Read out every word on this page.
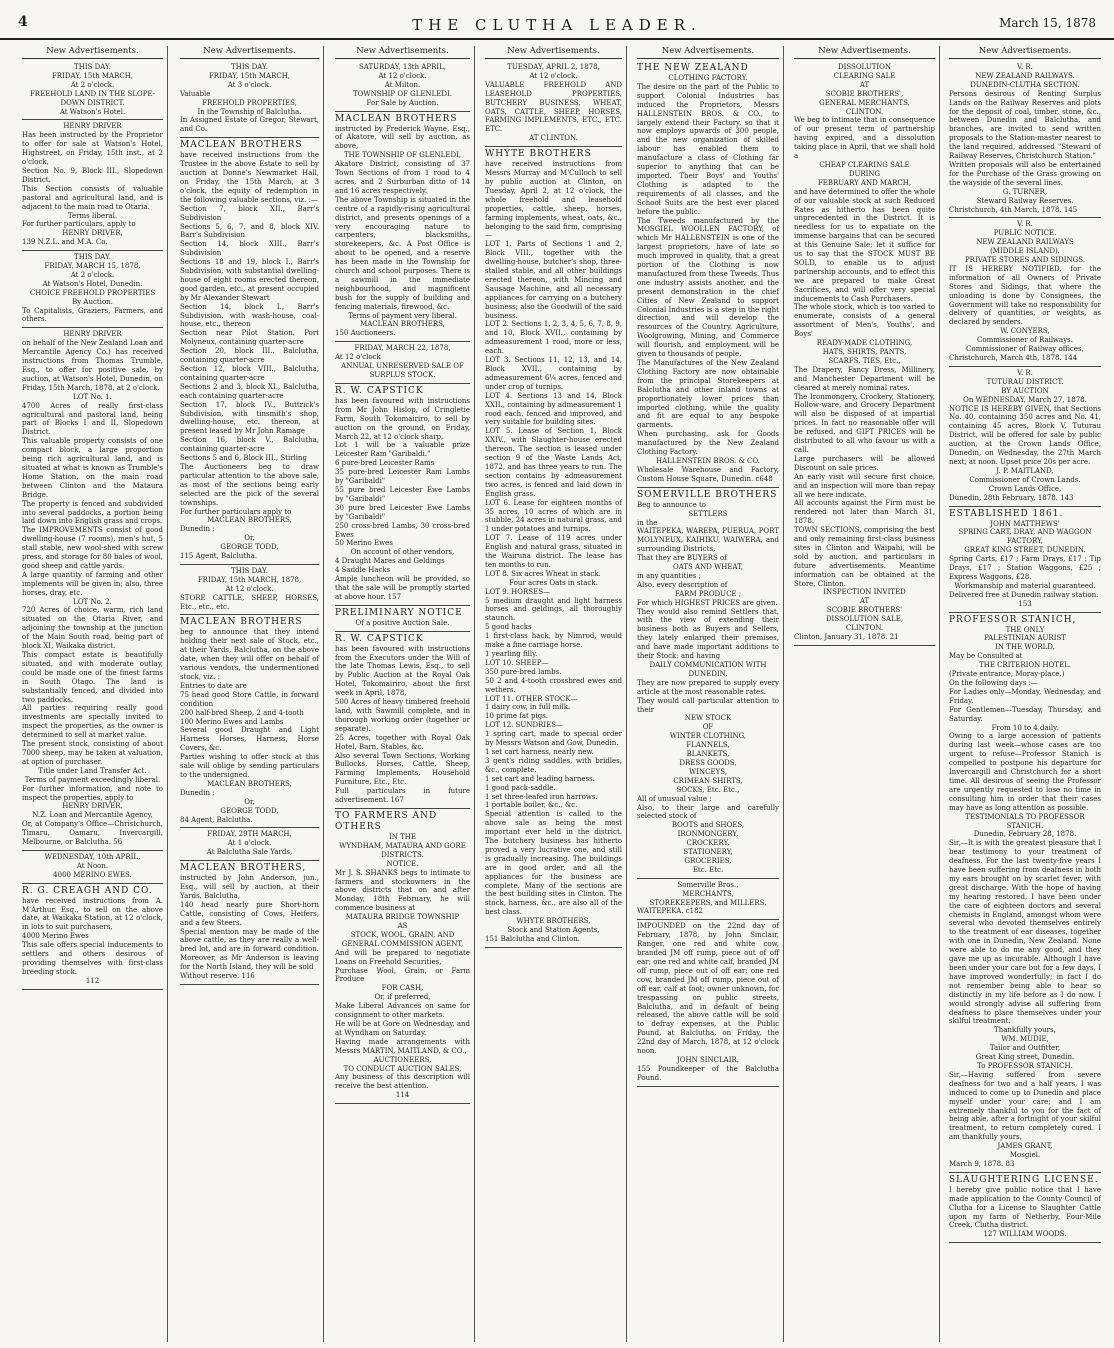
4	THE CLUTHA LEADER.	March 15, 1878
New Advertisements.

THIS DAY.

FRIDAY, 15th MARCH,

At 2 o'clock.

FREEHOLD LAND IN THE SLOPE-DOWN DISTRICT.

At Watson's Hotel.

HENRY DRIVER

Has been instructed by the Proprietor to offer for sale at Watson's Hotel, Highstreet, on Friday, 15th inst., at 2 o'clock,

Section No. 9, Block III., Slopedown District.

This Section consists of valuable pastoral and agricultural land, and is adjacent to the main road to Otaria.

Terms liberal.

For further particulars, apply to

HENRY DRIVER,

139 N.Z.L. and M.A. Co.

THIS DAY.

FRIDAY, MARCH 15, 1878,

At 2 o'clock.

At Watson's Hotel, Dunedin.

CHOICE FREEHOLD PROPERTIES

By Auction.

To Capitalists, Graziers, Farmers, and others.

HENRY DRIVER

on behalf of the New Zealand Loan and Mercantile Agency Co.) has received instructions from Thomas Trumble, Esq., to offer for positive sale, by auction, at Watson's Hotel, Dunedin, on Friday, 15th March, 1878, at 2 o'clock.

LOT No. 1.

4700 Acres of really first-class agricultural and pastoral land, being part of Blocks I and II, Slopedown District.

This valuable property consists of one compact block, a large proportion being rich agricultural land, and is situated at what is known as Trumble's Home Station, on the main road between Clinton and the Mataura Bridge.

The property is fenced and subdivided into several paddocks, a portion being laid down into English grass and crops.

The IMPROVEMENTS consist of good dwelling-house (7 rooms), men's hut, 5 stall stable, new wool-shed with screw press, and storage for 80 bales of wool, good sheep and cattle yards.

A large quantity of farming and other implements will be given in; also, three horses, dray, etc.

LOT No. 2.

720 Acres of choice, warm, rich land situated on the Otaria River, and adjoining the township at the junction of the Main South road, being part of block XI, Waikaka district.

This compact estate is beautifully situated, and with moderate outlay, could be made one of the finest farms in South Otago. The land is substantially fenced, and divided into two paddocks.

All parties requiring really good investments are specially invited to inspect the properties, as the owner is determined to sell at market value.

The present stock, consisting of about 7000 sheep, may be taken at valuation, at option of purchaser.

Title under Land Transfer Act.

Terms of payment exceedingly liberal.

For further information, and note to inspect the properties, apply to

HENRY DRIVER,

N.Z. Loan and Mercantile Agency,

Or, at Company's Office—Christchurch, Timaru, Oamaru, Invercargill, Melbourne, or Balclutha. 56

WEDNESDAY, 10th APRIL,

At Noon.

4000 MERINO EWES.

R. G. CREAGH AND CO.

have received instructions from A. M'Arthur, Esq., to sell on the above date, at Waikaka Station, at 12 o'clock, in lots to suit purchasers,

4000 Merino Ewes

This sale offers special inducements to settlers and others desirous of providing themselves with first-class breeding stock.

112

New Advertisements.

THIS DAY.

FRIDAY, 15th MARCH,

At 3 o'clock.

Valuable

FREEHOLD PROPERTIES,

In the Township of Balclutha.

In Assigned Estate of Gregor, Stewart, and Co.

MACLEAN BROTHERS

have received instructions from the Trustee in the above Estate to sell by auction at Donne's Newmarket Hall, on Friday, the 15th March, at 3 o'clock, the equity of redemption in the following valuable sections, viz. :—

Section 7, block XII., Barr's Subdivision

Sections 5, 6, 7, and 8, block XIV. Barr's Subdivision

Section 14, block XIII., Barr's Subdivision

Sections 18 and 19, block I., Barr's Subdivision, with substantial dwelling-house of eight rooms erected thereon, good garden, etc., at present occupied by Mr Alexander Stewart

Section 14, block I., Barr's Subdivision, with wash-house, coal-house, etc., thereon

Section near Pilot Station, Port Molyneux, containing quarter-acre

Section 20, block III., Balclutha, containing quarter-acre

Section 12, block VIII., Balclutha, containing quarter-acre

Sections 2 and 3, block XI., Balclutha, each containing quarter-acre

Section 17, block IV., Buttrick's Subdivision, with tinsmith's shop, dwelling-house, etc. thereon, at present leased by Mr John Ramage

Section 16, block V., Balclutha, containing quarter-acre

Sections 5 and 6, Block III., Stirling

The Auctioneers beg to draw particular attention to the above sale, as most of the sections being early selected are the pick of the several townships.

For further particulars apply to

MACLEAN BROTHERS,

Dunedin ;

Or,

GEORGE TODD,

115 Agent, Balclutha.

THIS DAY.

FRIDAY, 15th MARCH, 1878,

At 12 o'clock.

STORE CATTLE, SHEEP, HORSES, Etc., etc., etc.

MACLEAN BROTHERS

beg to announce that they intend holding their next sale of Stock, etc., at their Yards, Balclutha, on the above date, when they will offer on behalf of various vendors, the undermentioned stock, viz. :

Entries to date are

75 head good Store Cattle, in forward condition

200 half-bred Sheep, 2 and 4-tooth

100 Merino Ewes and Lambs

Several good Draught and Light Harness Horses, Harness, Horse Covers, &c.

Parties wishing to offer stock at this sale will oblige by sending particulars to the undersigned.

MACLEAN BROTHERS,

Dunedin ;

Or,

GEORGE TODD,

84 Agent, Balclutha.

FRIDAY, 29TH MARCH,

At 1 o'clock.

At Balclutha Sale Yards,

MACLEAN BROTHERS,

instructed by John Anderson, jun., Esq., will sell by auction, at their Yards, Balclutha,

140 head nearly pure Short-horn Cattle, consisting of Cows, Heifers, and a few Steers.

Special mention may be made of the above cattle, as they are really a well-bred lot, and are in forward condition. Moreover, as Mr Anderson is leaving for the North Island, they will be sold

Without reserve. 116

New Advertisements.

SATURDAY, 13th APRIL,

At 12 o'clock.

At Milton.

TOWNSHIP OF GLENLEDI.

For Sale by Auction.

MACLEAN BROTHERS

instructed by Frederick Wayne, Esq., of Akatore, will sell by auction, as above,

THE TOWNSHIP OF GLENLEDI,

Akatore District, consisting of 37 Town Sections of from 1 rood to 4 acres, and 2 Surburban ditto of 14 and 16 acres respectively.

The above Township is situated in the centre of a rapidly-rising agricultural district, and presents openings of a very encouraging nature to carpenters, blacksmiths, storekeepers, &c. A Post Office is about to be opened, and a reserve has been made in the Township for church and school purposes. There is a sawmill in the immediate neighbourhood, and magnificent bush for the supply of building and fencing materials, firewood, &c.

Terms of payment very liberal.

MACLEAN BROTHERS,

150 Auctioneers.

FRIDAY, MARCH 22, 1878,

At 12 o'clock

ANNUAL UNRESERVED SALE OF SURPLUS STOCK.

R. W. CAPSTICK

has been favoured with instructions from Mr John Hislop, of Cringletie Farm, South Tokomairiro, to sell by auction on the ground, on Friday, March 22, at 12 o'clock sharp,

Lot 1 will be a valuable prize Leicester Ram "Garibaldi."

6 pure-bred Leicester Rams

35 pure-bred Leicester Ram Lambs by "Garibaldi"

55 pure bred Leicester Ewe Lambs by "Garibaldi"

30 pure bred Leicester Ewe Lambs by "Garibaldi"

250 cross-bred Lambs, 30 cross-bred Ewes

50 Merino Ewes

On account of other vendors,

4 Draught Mares and Geldings

4 Saddle Hacks

Ample luncheon will be provided, so that the sale will be promptly started at above hour. 157

PRELIMINARY NOTICE

Of a positive Auction Sale.

R. W. CAPSTICK

has been favoured with instructions from the Executors under the Will of the late Thomas Lewis, Esq., to sell by Public Auction at the Royal Oak Hotel, Tokomairiro, about the first week in April, 1878,

500 Acres of heavy timbered freehold land, with Sawmill complete, and in thorough working order (together or separate).

25 Acres, together with Royal Oak Hotel, Barn, Stables, &c.

Also several Town Sections, Working Bullocks, Horses, Cattle, Sheep, Farming Implements, Household Furniture, Etc., Etc.

Full particulars in future advertisement. 167

TO FARMERS AND OTHERS

IN THE

WYNDHAM, MATAURA AND GORE DISTRICTS.

NOTICE.

Mr J. S. SHANKS begs to intimate to farmers and stockowners in the above districts that on and after Monday, 18th February, he will commence business at

MATAURA BRIDGE TOWNSHIP

AS

STOCK, WOOL, GRAIN, AND

GENERAL COMMISSION AGENT,

And will be prepared to negotiate Loans on Freehold Securities,

Purchase Wool, Grain, or Farm Produce

FOR CASH,

Or, if preferred,

Make Liberal Advances on same for consignment to other markets.

He will be at Gore on Wednesday, and at Wyndham on Saturday.

Having made arrangements with Messrs MARTIN, MAITLAND, & CO.,

AUCTIONEERS,

TO CONDUCT AUCTION SALES,

Any business of this description will receive the best attention.

114

New Advertisements.

TUESDAY, APRIL 2, 1878,

At 12 o'clock.

VALUABLE FREEHOLD AND LEASEHOLD PROPERTIES, BUTCHERY BUSINESS, WHEAT, OATS, CATTLE, SHEEP, HORSES, FARMING IMPLEMENTS, ETC., ETC. ETC.

AT CLINTON.

WHYTE BROTHERS

have received instructions from Messrs Murray and M'Culloch to sell by public auction at Clinton, on Tuesday, April 2, at 12 o'clock, the whole freehold and leasehold properties, cattle, sheep, horses, farming implements, wheat, oats, &c., belonging to the said firm, comprising—

LOT 1. Parts of Sections 1 and 2, Block VIII., together with the dwelling-house, butcher's shop, three-stalled stable, and all other buildings erected thereon, with Mincing and Sausage Machine, and all necessary appliances for carrying on a butchery business; also the Goodwill of the said business.

LOT 2. Sections 1, 2, 3, 4, 5, 6, 7, 8, 9, and 10, Block XVII., containing by admeasurement 1 rood, more or less, each.

LOT 3. Sections 11, 12, 13, and 14, Block XVII., containing by admeasurement 6¼ acres, fenced and under crop of turnips.

LOT 4. Sections 13 and 14, Block XXII., containing by admeasurement 1 rood each, fenced and improved, and very suitable for building sites.

LOT 5. Lease of Section 1, Block XXIV., with Slaughter-house erected thereon. The section is leased under section 9 of the Waste Lands Act, 1872, and has three years to run. The section contains by admeasurement two acres, is fenced and laid down in English grass.

LOT 6. Lease for eighteen months of 35 acres, 10 acres of which are in stubble, 24 acres in natural grass, and 1 under potatoes and turnips.

LOT 7. Lease of 119 acres under English and natural grass, situated in the Wairuna district. The lease has ten months to run.

LOT 8. Six acres Wheat in stack.

Four acres Oats in stack.

LOT 9. HORSES—

5 medium draught and light harness horses and geldings, all thoroughly staunch.

5 good hacks

1 first-class hack, by Nimrod, would make a fine carriage horse.

1 yearling filly.

LOT 10. SHEEP—

350 pure-bred lambs.

50 2 and 4-tooth crossbred ewes and wethers.

LOT 11. OTHER STOCK—

1 dairy cow, in full milk.

10 prime fat pigs.

LOT 12. SUNDRIES—

1 spring cart, made to special order by Messrs Watson and Gow, Dunedin.

1 set cart harness, nearly new.

3 gent's riding saddles, with bridles, &c., complete.

1 set cart and leading harness.

1 good pack-saddle.

1 set three-leafed iron harrows.

1 portable boiler, &c., &c.

Special attention is called to the above sale as being the most important ever held in the district. The butchery business has hitherto proved a very lucrative one, and still is gradually increasing. The buildings are in good order, and all the appliances for the business are complete. Many of the sections are the best building sites in Clinton. The stock, harness, &c., are also all of the best class.

WHYTE BROTHERS,

Stock and Station Agents,

151 Balclutha and Clinton.

New Advertisements.

THE NEW ZEALAND

CLOTHING FACTORY.

The desire on the part of the Public to support Colonial Industries has induced the Proprietors, Messrs HALLENSTEIN BROS. & CO., to largely extend their Factory, so that it now employs upwards of 300 people, and the new organization of skilled labour has enabled them to manufacture a class of Clothing far superior to anything that can be imported. Their Boys' and Youths' Clothing is adapted to the requirements of all classes, and the School Suits are the best ever placed before the public.

The Tweeds manufactured by the MOSGIEL WOOLLEN FACTORY, of which Mr HALLENSTEIN is one of the largest proprietors, have of late so much improved in quality, that a great portion of the Clothing is now manufactured from these Tweeds. Thus one industry assists another, and the present demonstration in the chief Cities of New Zealand to support Colonial Industries is a step in the right direction, and will develop the resources of the Country. Agriculture, Woolgrowing, Mining, and Commerce will flourish, and employment will be given to thousands of people.

The Manufactures of the New Zealand Clothing Factory are now obtainable from the principal Storekeepers at Balclutha and other inland towns at proportionately lower prices than imported clothing, while the quality and fit are equal to any bespoke garments.

When purchasing, ask for Goods manufactured by the New Zealand Clothing Factory.

HALLENSTEIN BROS. & CO.

Wholesale Warehouse and Factory, Custom House Square, Dunedin. c648

SOMERVILLE BROTHERS

Beg to announce to

SETTLERS

in the

WAITEPEKA, WAREPA, PUERUA, PORT MOLYNEUX, KAIHIKU, WAIWERA, and surrounding Districts,

That they are BUYERS of

OATS AND WHEAT,

in any quantities ;

Also, every description of

FARM PRODUCE ;

For which HIGHEST PRICES are given.

They would also remind Settlers that, with the view of extending their business both as Buyers and Sellers, they lately enlarged their premises, and have made important additions to their Stock; and having

DAILY COMMUNICATION WITH DUNEDIN,

They are now prepared to supply every article at the most reasonable rates.

They would call particular attention to their

NEW STOCK

OF

WINTER CLOTHING,

FLANNELS,

BLANKETS,

DRESS GOODS,

WINCEYS,

CRIMEAN SHIRTS,

SOCKS, Etc. Etc.,

All of unusual value ;

Also, to their large and carefully selected stock of

BOOTS and SHOES,

IRONMONGERY,

CROCKERY,

STATIONERY,

GROCERIES,

Etc. Etc.

Somerville Bros.,

MERCHANTS,

STOREKEEPERS, and MILLERS,

WAITEPEKA. c182

IMPOUNDED on the 22nd day of February, 1878, by John Sinclair, Ranger, one red and white cow, branded JM off rump, piece out of off ear; one red and white calf, branded JM off rump, piece out of off ear; one red cow, branded JM off rump, piece out of off ear, calf at foot; owner unknown, for trespassing on public streets, Balclutha, and in default of being released, the above cattle will be sold to defray expenses, at the Public Pound, at Balclutha, on Friday, the 22nd day of March, 1878, at 12 o'clock noon.

JOHN SINCLAIR,

155 Poundkeeper of the Balclutha Pound.

New Advertisements.

DISSOLUTION

CLEARING SALE

AT

SCOBIE BROTHERS',

GENERAL MERCHANTS,

CLINTON.

We beg to intimate that in consequence of our present term of partnership having expired, and a dissolution taking place in April, that we shall hold a

CHEAP CLEARING SALE

DURING

FEBRUARY AND MARCH,

and have determined to offer the whole of our valuable stock at such Reduced Rates as hitherto has been quite unprecedented in the District. It is needless for us to expatiate on the immense bargains that can be secured at this Genuine Sale; let it suffice for us to say that the STOCK MUST BE SOLD, to enable us to adjust partnership accounts, and to effect this we are prepared to make Great Sacrifices, and will offer very special inducements to Cash Purchasers.

The whole stock, which is too varied to enumerate, consists of a general assortment of Men's, Youths', and Boys'

READY-MADE CLOTHING,

HATS, SHIRTS, PANTS,

SCARFS, TIES, Etc.,

The Drapery, Fancy Dress, Millinery, and Manchester Department will be cleared at merely nominal rates.

The Ironmongery, Crockery, Stationery, Hollow-ware, and Grocery Department will also be disposed of at impartial prices. In fact no reasonable offer will be refused, and GIFT PRICES will be distributed to all who favour us with a call.

Large purchasers will be allowed Discount on sale prices.

An early visit will secure first choice, and an inspection will more than repay all we here indicate.

All accounts against the Firm must be rendered not later than March 31, 1878.

TOWN SECTIONS, comprising the best and only remaining first-class business sites in Clinton and Waipahi, will be sold by auction, and particulars in future advertisements. Meantime information can be obtained at the Store, Clinton.

INSPECTION INVITED

AT

SCOBIE BROTHERS'

DISSOLUTION SALE,

CLINTON.

Clinton, January 31, 1878. 21

New Advertisements.

V. R.

NEW ZEALAND RAILWAYS.

DUNEDIN-CLUTHA SECTION.

Persons desirous of Renting Surplus Lands on the Railway Reserves and plots for the deposit of coal, timber, stone, &c., between Dunedin and Balclutha, and branches, are invited to send written proposals to the Station-master nearest to the land required, addressed "Steward of Railway Reserves, Christchurch Station."

Written proposals will also be entertained for the Purchase of the Grass growing on the wayside of the several lines.

G. TURNER,

Steward Railway Reserves.

Christchurch, 4th March, 1878. 145

V. R.

PUBLIC NOTICE.

NEW ZEALAND RAILWAYS

(MIDDLE ISLAND).

PRIVATE STORES AND SIDINGS.

IT IS HEREBY NOTIFIED, for the information of all Owners of Private Stores and Sidings, that where the unloading is done by Consignees, the Government will take no responsibility for delivery of quantities, or weights, as declared by senders.

W. CONYERS,

Commissioner of Railways.

Commissioner of Railway offices,

Christchurch, March 4th, 1878. 144

V. R.

TUTURAU DISTRICT.

BY AUCTION

On WEDNESDAY, March 27, 1878.

NOTICE IS HEREBY GIVEN, that Sections No. 40, containing 350 acres and No. 41, containing 45 acres, Block V, Tuturau District, will be offered for sale by public auction, at the Crown Lands Office, Dunedin, on Wednesday, the 27th March next, at noon. Upset price 20s per acre.

J. P. MAITLAND,

Commissioner of Crown Lands.

Crown Lands Office,

Dunedin, 28th February, 1878. 143

ESTABLISHED 1861.

JOHN MATTHEWS'

SPRING CART, DRAY, AND WAGGON FACTORY,

GREAT KING STREET, DUNEDIN.

Spring Carts, £17 ; Farm Drays, £17 ; Tip Drays, £17 ; Station Waggons, £25 ; Express Waggons, £28.

Workmanship and material guaranteed.

Delivered free at Dunedin railway station.

153

PROFESSOR STANICH,

THE ONLY

PALESTINIAN AURIST

IN THE WORLD,

May be Consulted at

THE CRITERION HOTEL.

(Private entrance, Moray-place.)

On the following days :—

For Ladies only—Monday, Wednesday, and Friday.

For Gentlemen—Tuesday, Thursday, and Saturday.

From 10 to 4 daily.

Owing to a large accession of patients during last week—whose cases are too urgent to refuse—Professor Stanich is compelled to postpone his departure for Invercargill and Christchurch for a short time. All desirous of seeing the Professor are urgently requested to lose no time in consulting him in order that their cases may have as long attention as possible.

TESTIMONIALS TO PROFESSOR STANICH.

Dunedin, February 28, 1878.

Sir,—It is with the greatest pleasure that I bear testimony to your treatment of deafness. For the last twenty-five years I have been suffering from deafness in both my ears brought on by scarlet fever, with great discharge. With the hope of having my hearing restored, I have been under the care of eighteen doctors and several chemists in England, amongst whom were several who devoted themselves entirely to the treatment of ear diseases, together with one in Dunedin, New Zealand. None were able to do me any good, and they gave me up as incurable. Although I have been under your care but for a few days, I have improved wonderfully; in fact I do not remember being able to hear so distinctly in my life before as I do now. I would strongly advise all suffering from deafness to place themselves under your skilful treatment.

Thankfully yours,

WM. MUDIE,

Tailor and Outfitter,

Great King street, Dunedin.

To PROFESSOR STANICH.

Sir,—Having suffered from severe deafness for two and a half years, I was induced to come up to Dunedin and place myself under your care; and I am extremely thankful to you for the fact of being able, after a fortnight of your skilful treatment, to return completely cured. I am thankfully yours,

JAMES GRANT,

Mosgiel.

March 9, 1878. 83

SLAUGHTERING LICENSE.

I hereby give public notice that I have made application to the County Council of Clutha for a License to Slaughter Cattle upon my farm of Netherby, Four-Mile Creek, Clutha district.

127 WILLIAM WOODS.
